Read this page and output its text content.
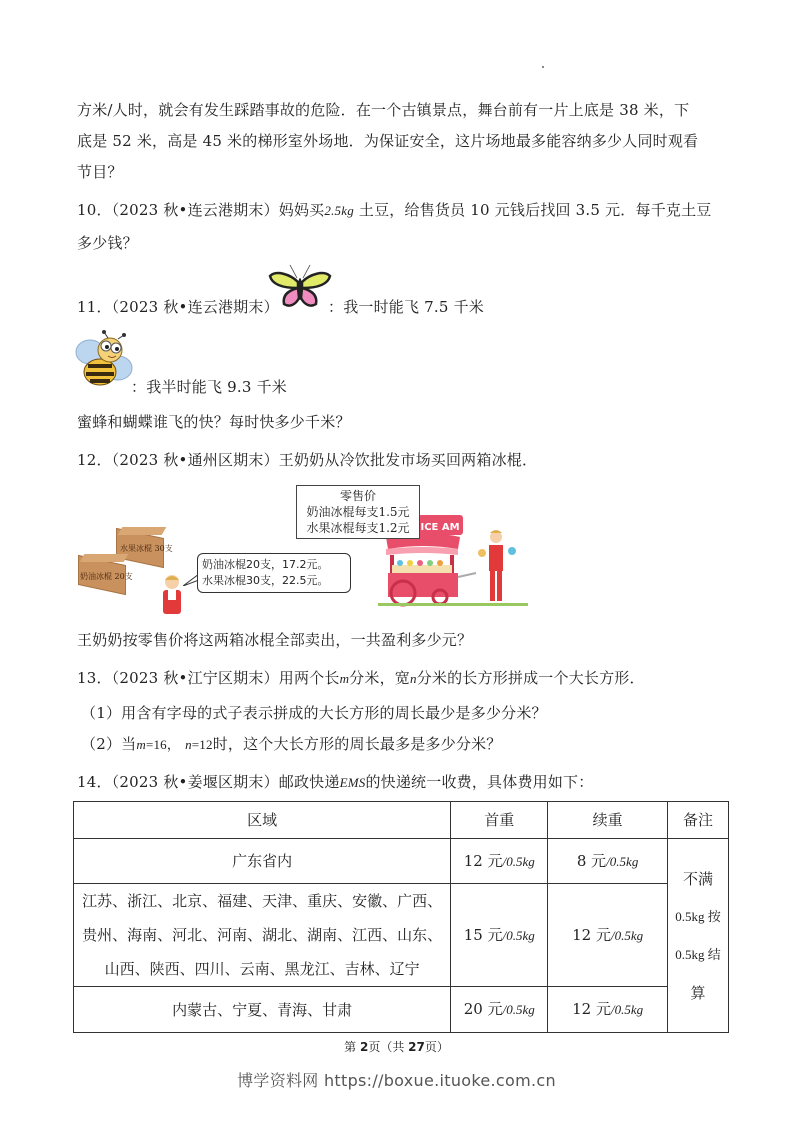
方米/人时，就会有发生踩踏事故的危险．在一个古镇景点，舞台前有一片上底是 38 米，下
底是 52 米，高是 45 米的梯形室外场地．为保证安全，这片场地最多能容纳多少人同时观看
节目？
10．（2023 秋•连云港期末）妈妈买2.5kg 土豆，给售货员 10 元钱后找回 3.5 元．每千克土豆
多少钱？
11．（2023 秋•连云港期末）	：我一时能飞 7.5 千米
：我半时能飞 9.3 千米
蜜蜂和蝴蝶谁飞的快？每时快多少千米？
12．（2023 秋•通州区期末）王奶奶从冷饮批发市场买回两箱冰棍．
水果冰棍 30支
奶油冰棍 20支
奶油冰棍20支，17.2元。
水果冰棍30支，22.5元。
ICE AM
零售价
奶油冰棍每支1.5元
水果冰棍每支1.2元
王奶奶按零售价将这两箱冰棍全部卖出，一共盈利多少元？
13．（2023 秋•江宁区期末）用两个长m分米，宽n分米的长方形拼成一个大长方形．
（1）用含有字母的式子表示拼成的大长方形的周长最少是多少分米？
（2）当m=16， n=12时，这个大长方形的周长最多是多少分米？
14．（2023 秋•姜堰区期末）邮政快递EMS的快递统一收费，具体费用如下：
区域	首重	续重	备注
广东省内	12 元/0.5kg	8 元/0.5kg	不满
0.5kg 按
0.5kg 结
算

江苏、浙江、北京、福建、天津、重庆、安徽、广西、
贵州、海南、河北、河南、湖北、湖南、江西、山东、
山西、陕西、四川、云南、黑龙江、吉林、辽宁	15 元/0.5kg	12 元/0.5kg	
内蒙古、宁夏、青海、甘肃	20 元/0.5kg	12 元/0.5kg	
第 2页（共 27页）
博学资料网 https://boxue.ituoke.com.cn
